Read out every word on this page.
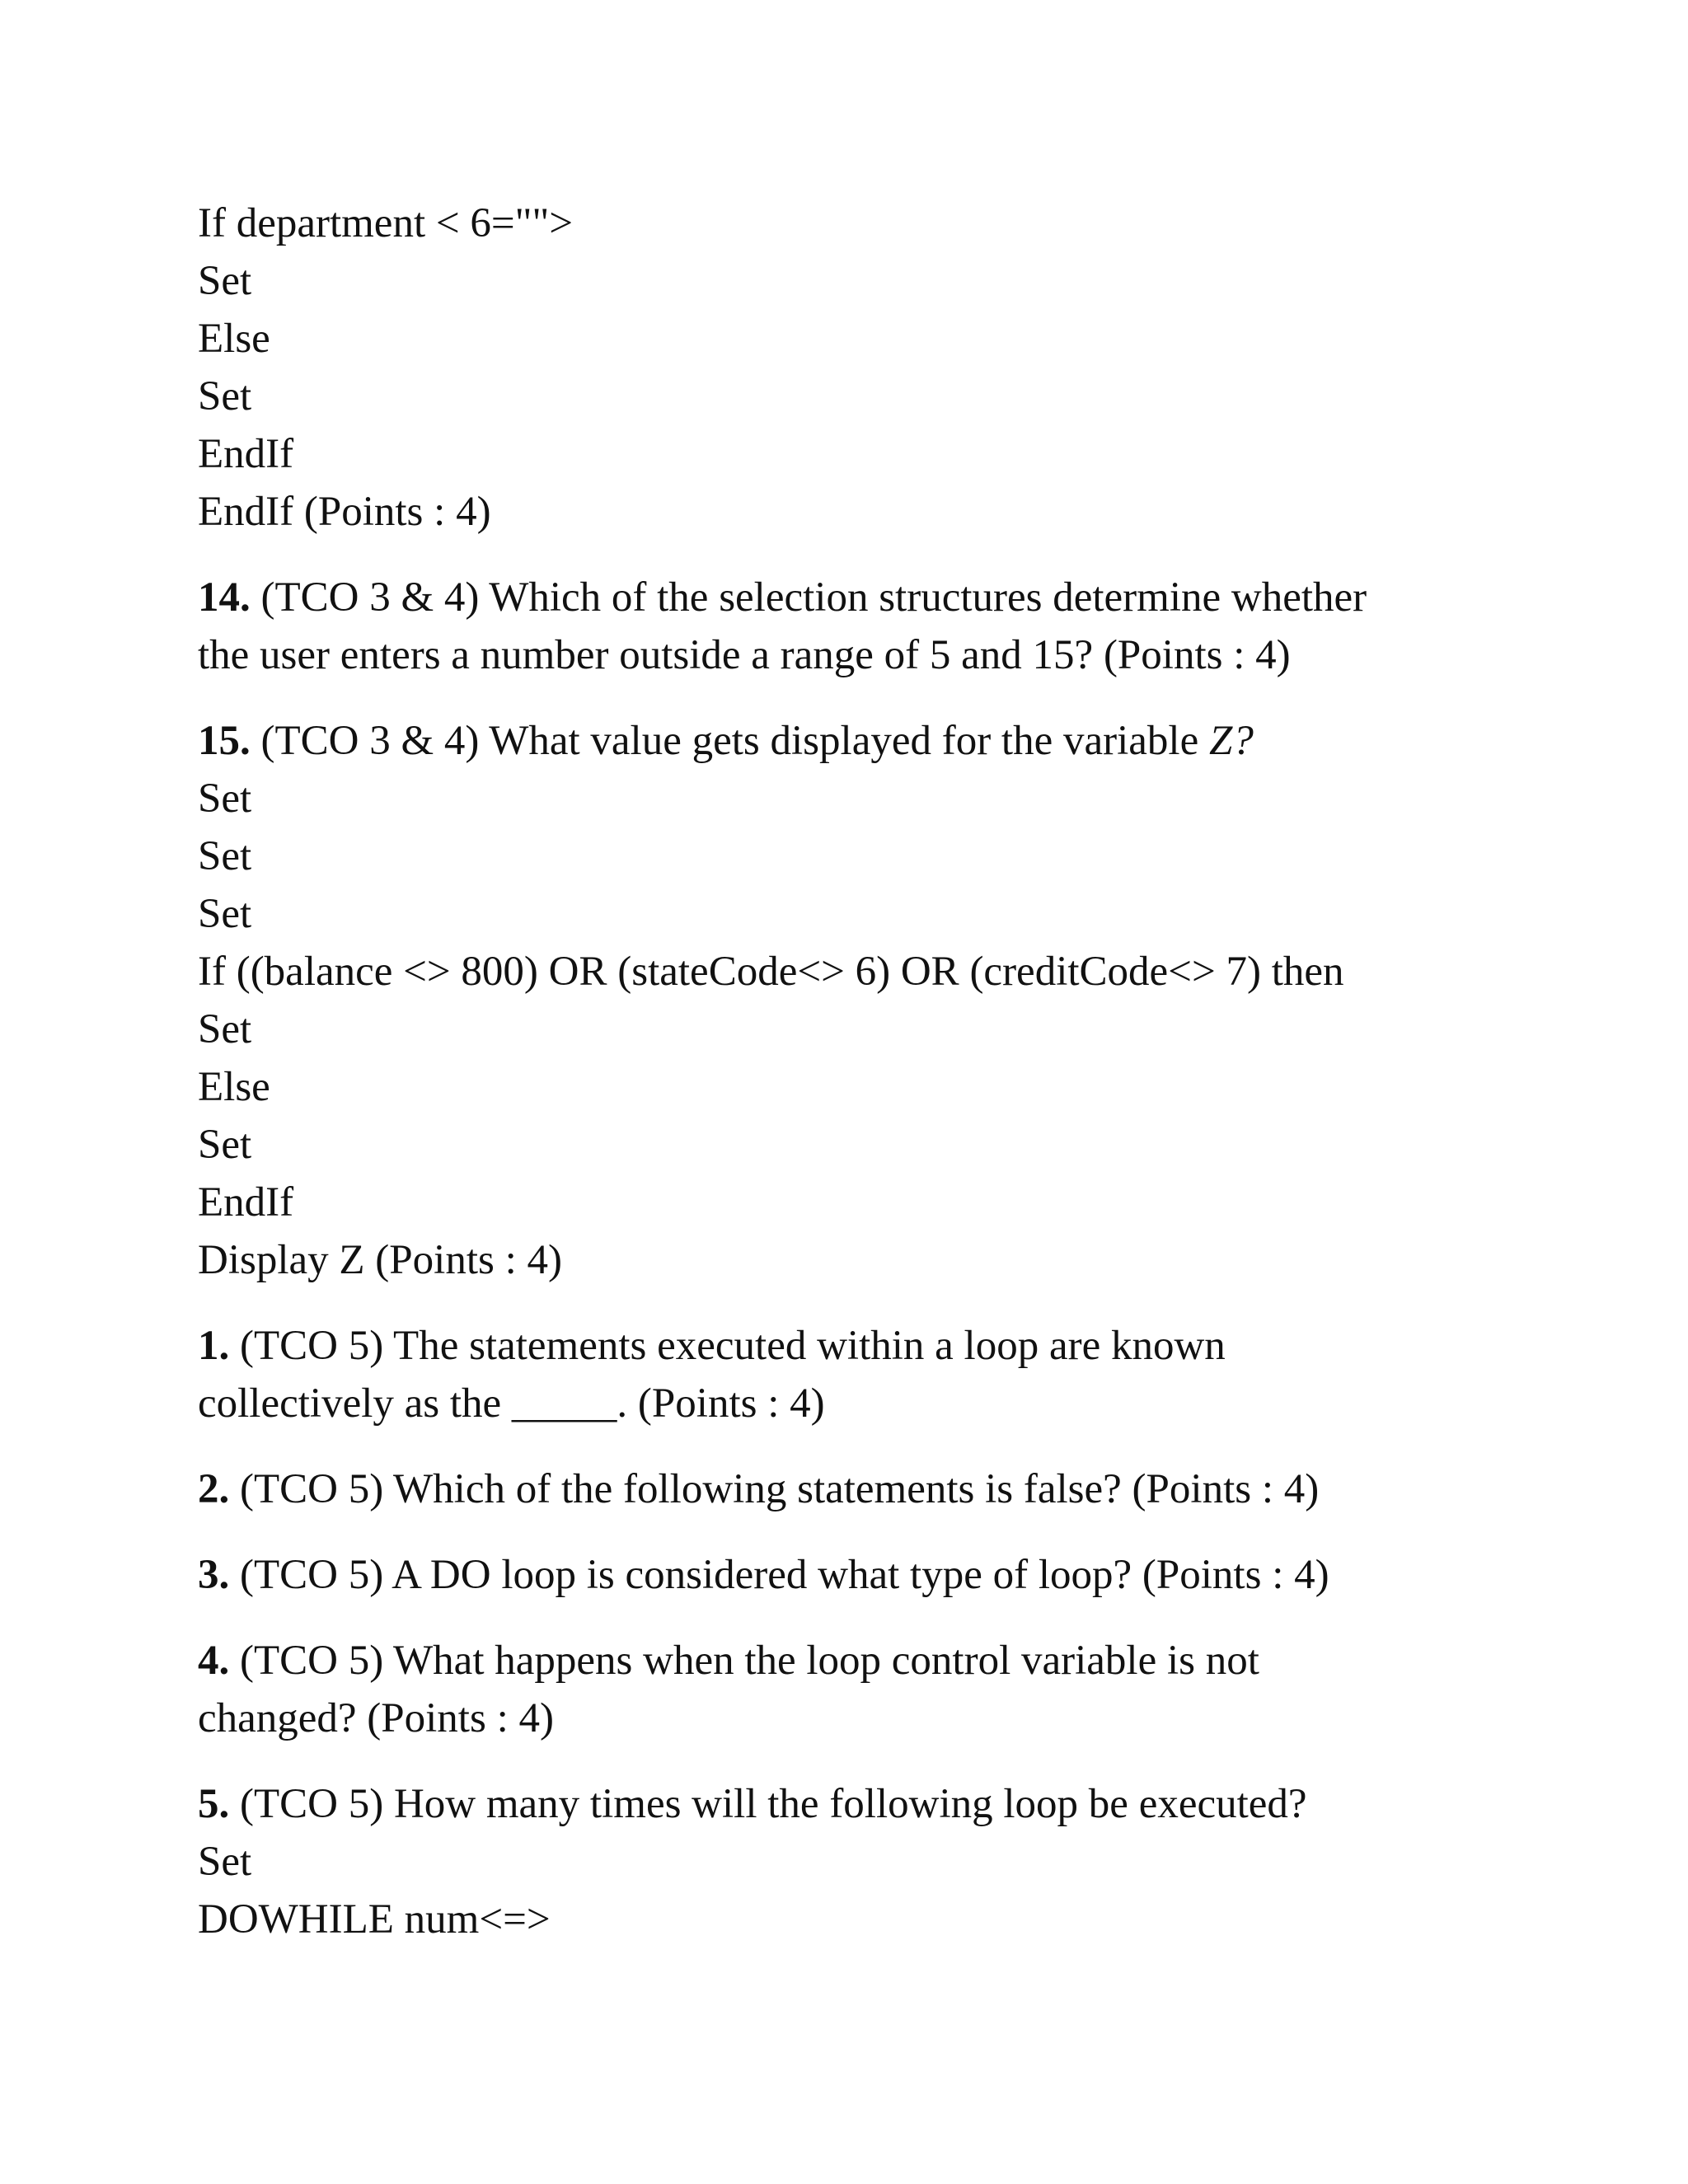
If department < 6="">

Set

Else

Set

EndIf

EndIf (Points : 4)

14. (TCO 3 & 4) Which of the selection structures determine whether

the user enters a number outside a range of 5 and 15? (Points : 4)

15. (TCO 3 & 4) What value gets displayed for the variable Z?

Set

Set

Set

If ((balance <> 800) OR (stateCode<> 6) OR (creditCode<> 7) then

Set

Else

Set

EndIf

Display Z (Points : 4)

1. (TCO 5) The statements executed within a loop are known

collectively as the _____. (Points : 4)

2. (TCO 5) Which of the following statements is false? (Points : 4)

3. (TCO 5) A DO loop is considered what type of loop? (Points : 4)

4. (TCO 5) What happens when the loop control variable is not

changed? (Points : 4)

5. (TCO 5) How many times will the following loop be executed?

Set

DOWHILE num<=>
